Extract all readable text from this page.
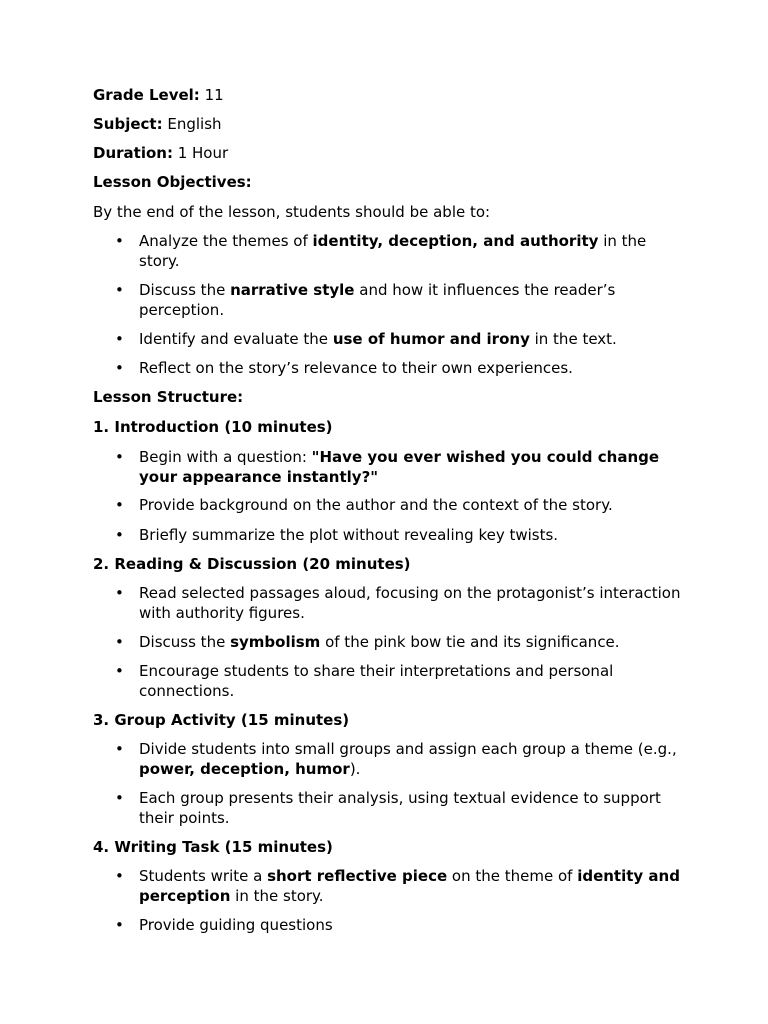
Grade Level: 11

Subject: English

Duration: 1 Hour

Lesson Objectives:

By the end of the lesson, students should be able to:

• Analyze the themes of identity, deception, and authority in the story.
• Discuss the narrative style and how it influences the reader’s perception.
• Identify and evaluate the use of humor and irony in the text.
• Reflect on the story’s relevance to their own experiences.

Lesson Structure:

1. Introduction (10 minutes)

• Begin with a question: "Have you ever wished you could change your appearance instantly?"
• Provide background on the author and the context of the story.
• Briefly summarize the plot without revealing key twists.

2. Reading & Discussion (20 minutes)

• Read selected passages aloud, focusing on the protagonist’s interaction with authority figures.
• Discuss the symbolism of the pink bow tie and its significance.
• Encourage students to share their interpretations and personal connections.

3. Group Activity (15 minutes)

• Divide students into small groups and assign each group a theme (e.g., power, deception, humor).
• Each group presents their analysis, using textual evidence to support their points.

4. Writing Task (15 minutes)

• Students write a short reflective piece on the theme of identity and perception in the story.
• Provide guiding questions
